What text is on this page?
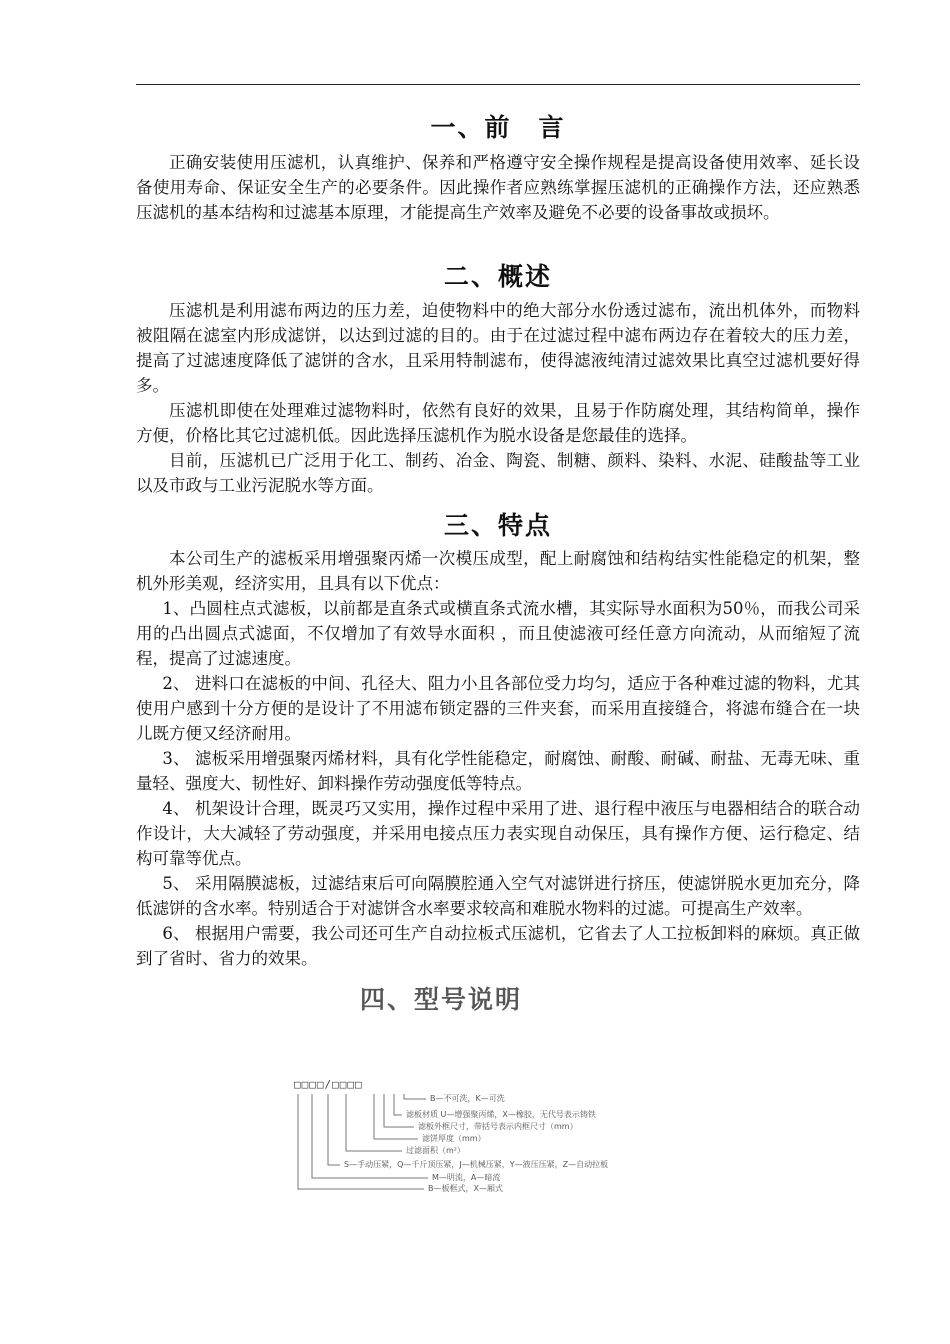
一、前　言

正确安装使用压滤机，认真维护、保养和严格遵守安全操作规程是提高设备使用效率、延长设备使用寿命、保证安全生产的必要条件。因此操作者应熟练掌握压滤机的正确操作方法，还应熟悉压滤机的基本结构和过滤基本原理，才能提高生产效率及避免不必要的设备事故或损坏。

二、概述

压滤机是利用滤布两边的压力差，迫使物料中的绝大部分水份透过滤布，流出机体外，而物料被阻隔在滤室内形成滤饼，以达到过滤的目的。由于在过滤过程中滤布两边存在着较大的压力差，提高了过滤速度降低了滤饼的含水，且采用特制滤布，使得滤液纯清过滤效果比真空过滤机要好得多。

压滤机即使在处理难过滤物料时，依然有良好的效果，且易于作防腐处理，其结构简单，操作方便，价格比其它过滤机低。因此选择压滤机作为脱水设备是您最佳的选择。

目前，压滤机已广泛用于化工、制药、冶金、陶瓷、制糖、颜料、染料、水泥、硅酸盐等工业以及市政与工业污泥脱水等方面。

三、特点

本公司生产的滤板采用增强聚丙烯一次模压成型，配上耐腐蚀和结构结实性能稳定的机架，整机外形美观，经济实用，且具有以下优点：

1、凸圆柱点式滤板，以前都是直条式或横直条式流水槽，其实际导水面积为50％，而我公司采用的凸出圆点式滤面，不仅增加了有效导水面积 ，而且使滤液可经任意方向流动，从而缩短了流程，提高了过滤速度。

2、 进料口在滤板的中间、孔径大、阻力小且各部位受力均匀，适应于各种难过滤的物料，尤其使用户感到十分方便的是设计了不用滤布锁定器的三件夹套，而采用直接缝合，将滤布缝合在一块儿既方便又经济耐用。

3、 滤板采用增强聚丙烯材料，具有化学性能稳定，耐腐蚀、耐酸、耐碱、耐盐、无毒无味、重量轻、强度大、韧性好、卸料操作劳动强度低等特点。

4、 机架设计合理，既灵巧又实用，操作过程中采用了进、退行程中液压与电器相结合的联合动作设计，大大减轻了劳动强度，并采用电接点压力表实现自动保压，具有操作方便、运行稳定、结构可靠等优点。

5、 采用隔膜滤板，过滤结束后可向隔膜腔通入空气对滤饼进行挤压，使滤饼脱水更加充分，降低滤饼的含水率。特别适合于对滤饼含水率要求较高和难脱水物料的过滤。可提高生产效率。

6、 根据用户需要，我公司还可生产自动拉板式压滤机，它省去了人工拉板卸料的麻烦。真正做到了省时、省力的效果。

四、型号说明
□□□□/□□□□
B—不可洗，K—可洗
滤板材质 U—增强聚丙烯，X—橡胶，无代号表示铸铁
滤板外框尺寸，带括号表示内框尺寸（mm）
滤饼厚度（mm）
过滤面积（m²）
S—手动压紧，Q—千斤顶压紧，J—机械压紧，Y—液压压紧，Z—自动拉板
M—明流，A—暗流
B—板框式，X—厢式
